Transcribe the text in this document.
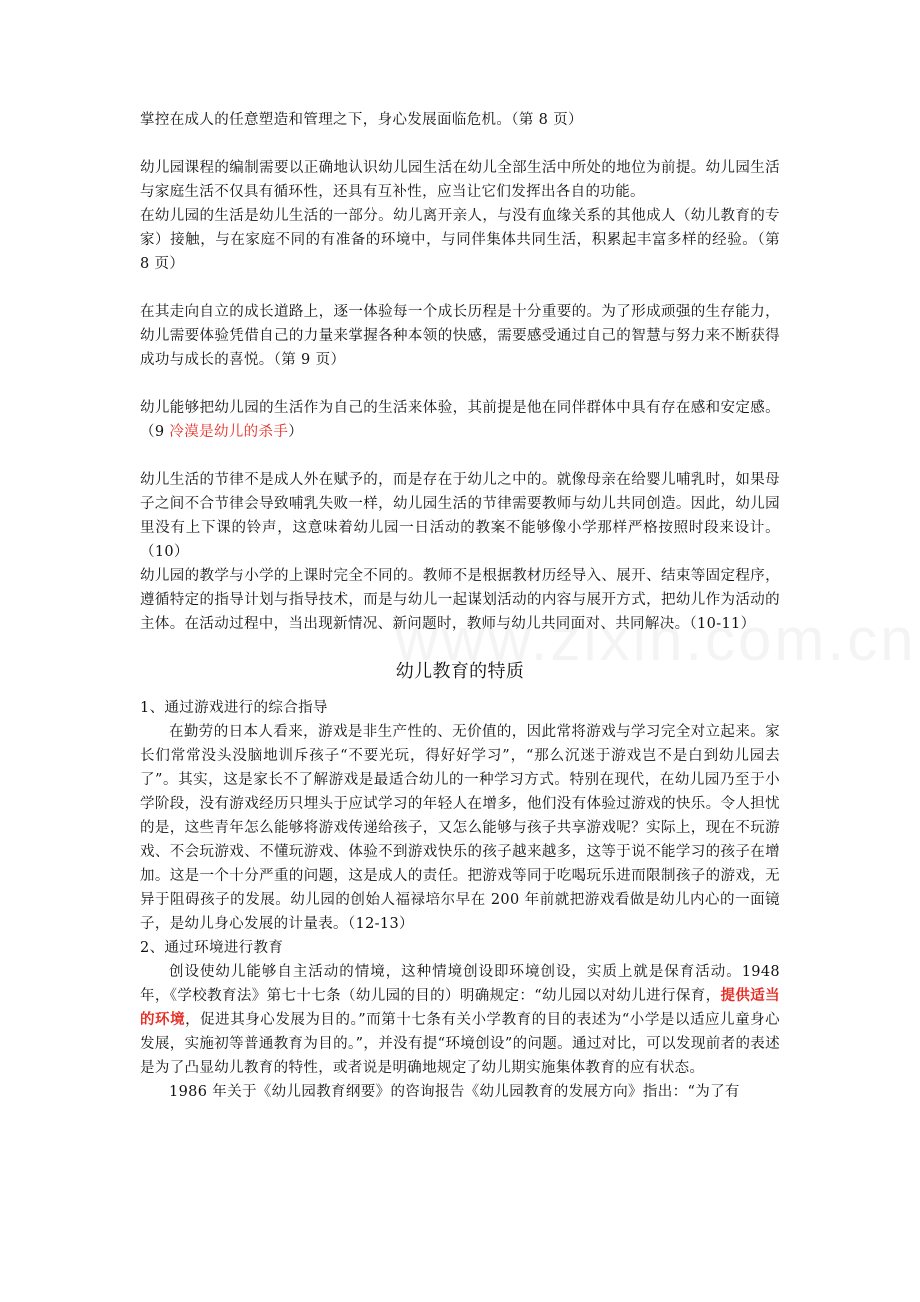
掌控在成人的任意塑造和管理之下，身心发展面临危机。（第 8 页）

幼儿园课程的编制需要以正确地认识幼儿园生活在幼儿全部生活中所处的地位为前提。幼儿园生活与家庭生活不仅具有循环性，还具有互补性，应当让它们发挥出各自的功能。

在幼儿园的生活是幼儿生活的一部分。幼儿离开亲人，与没有血缘关系的其他成人（幼儿教育的专家）接触，与在家庭不同的有准备的环境中，与同伴集体共同生活，积累起丰富多样的经验。（第 8 页）

在其走向自立的成长道路上，逐一体验每一个成长历程是十分重要的。为了形成顽强的生存能力，幼儿需要体验凭借自己的力量来掌握各种本领的快感，需要感受通过自己的智慧与努力来不断获得成功与成长的喜悦。（第 9 页）

幼儿能够把幼儿园的生活作为自己的生活来体验，其前提是他在同伴群体中具有存在感和安定感。（9 冷漠是幼儿的杀手）

幼儿生活的节律不是成人外在赋予的，而是存在于幼儿之中的。就像母亲在给婴儿哺乳时，如果母子之间不合节律会导致哺乳失败一样，幼儿园生活的节律需要教师与幼儿共同创造。因此，幼儿园里没有上下课的铃声，这意味着幼儿园一日活动的教案不能够像小学那样严格按照时段来设计。（10）

幼儿园的教学与小学的上课时完全不同的。教师不是根据教材历经导入、展开、结束等固定程序，遵循特定的指导计划与指导技术，而是与幼儿一起谋划活动的内容与展开方式，把幼儿作为活动的主体。在活动过程中，当出现新情况、新问题时，教师与幼儿共同面对、共同解决。（10-11）

幼儿教育的特质

1、通过游戏进行的综合指导

在勤劳的日本人看来，游戏是非生产性的、无价值的，因此常将游戏与学习完全对立起来。家长们常常没头没脑地训斥孩子“不要光玩，得好好学习”，“那么沉迷于游戏岂不是白到幼儿园去了”。其实，这是家长不了解游戏是最适合幼儿的一种学习方式。特别在现代，在幼儿园乃至于小学阶段，没有游戏经历只埋头于应试学习的年轻人在增多，他们没有体验过游戏的快乐。令人担忧的是，这些青年怎么能够将游戏传递给孩子，又怎么能够与孩子共享游戏呢？实际上，现在不玩游戏、不会玩游戏、不懂玩游戏、体验不到游戏快乐的孩子越来越多，这等于说不能学习的孩子在增加。这是一个十分严重的问题，这是成人的责任。把游戏等同于吃喝玩乐进而限制孩子的游戏，无异于阻碍孩子的发展。幼儿园的创始人福禄培尔早在 200 年前就把游戏看做是幼儿内心的一面镜子，是幼儿身心发展的计量表。（12-13）

2、通过环境进行教育

创设使幼儿能够自主活动的情境，这种情境创设即环境创设，实质上就是保育活动。1948 年，《学校教育法》第七十七条（幼儿园的目的）明确规定：“幼儿园以对幼儿进行保育，提供适当的环境，促进其身心发展为目的。”而第十七条有关小学教育的目的表述为“小学是以适应儿童身心发展，实施初等普通教育为目的。”，并没有提“环境创设”的问题。通过对比，可以发现前者的表述是为了凸显幼儿教育的特性，或者说是明确地规定了幼儿期实施集体教育的应有状态。

1986 年关于《幼儿园教育纲要》的咨询报告《幼儿园教育的发展方向》指出：“为了有
